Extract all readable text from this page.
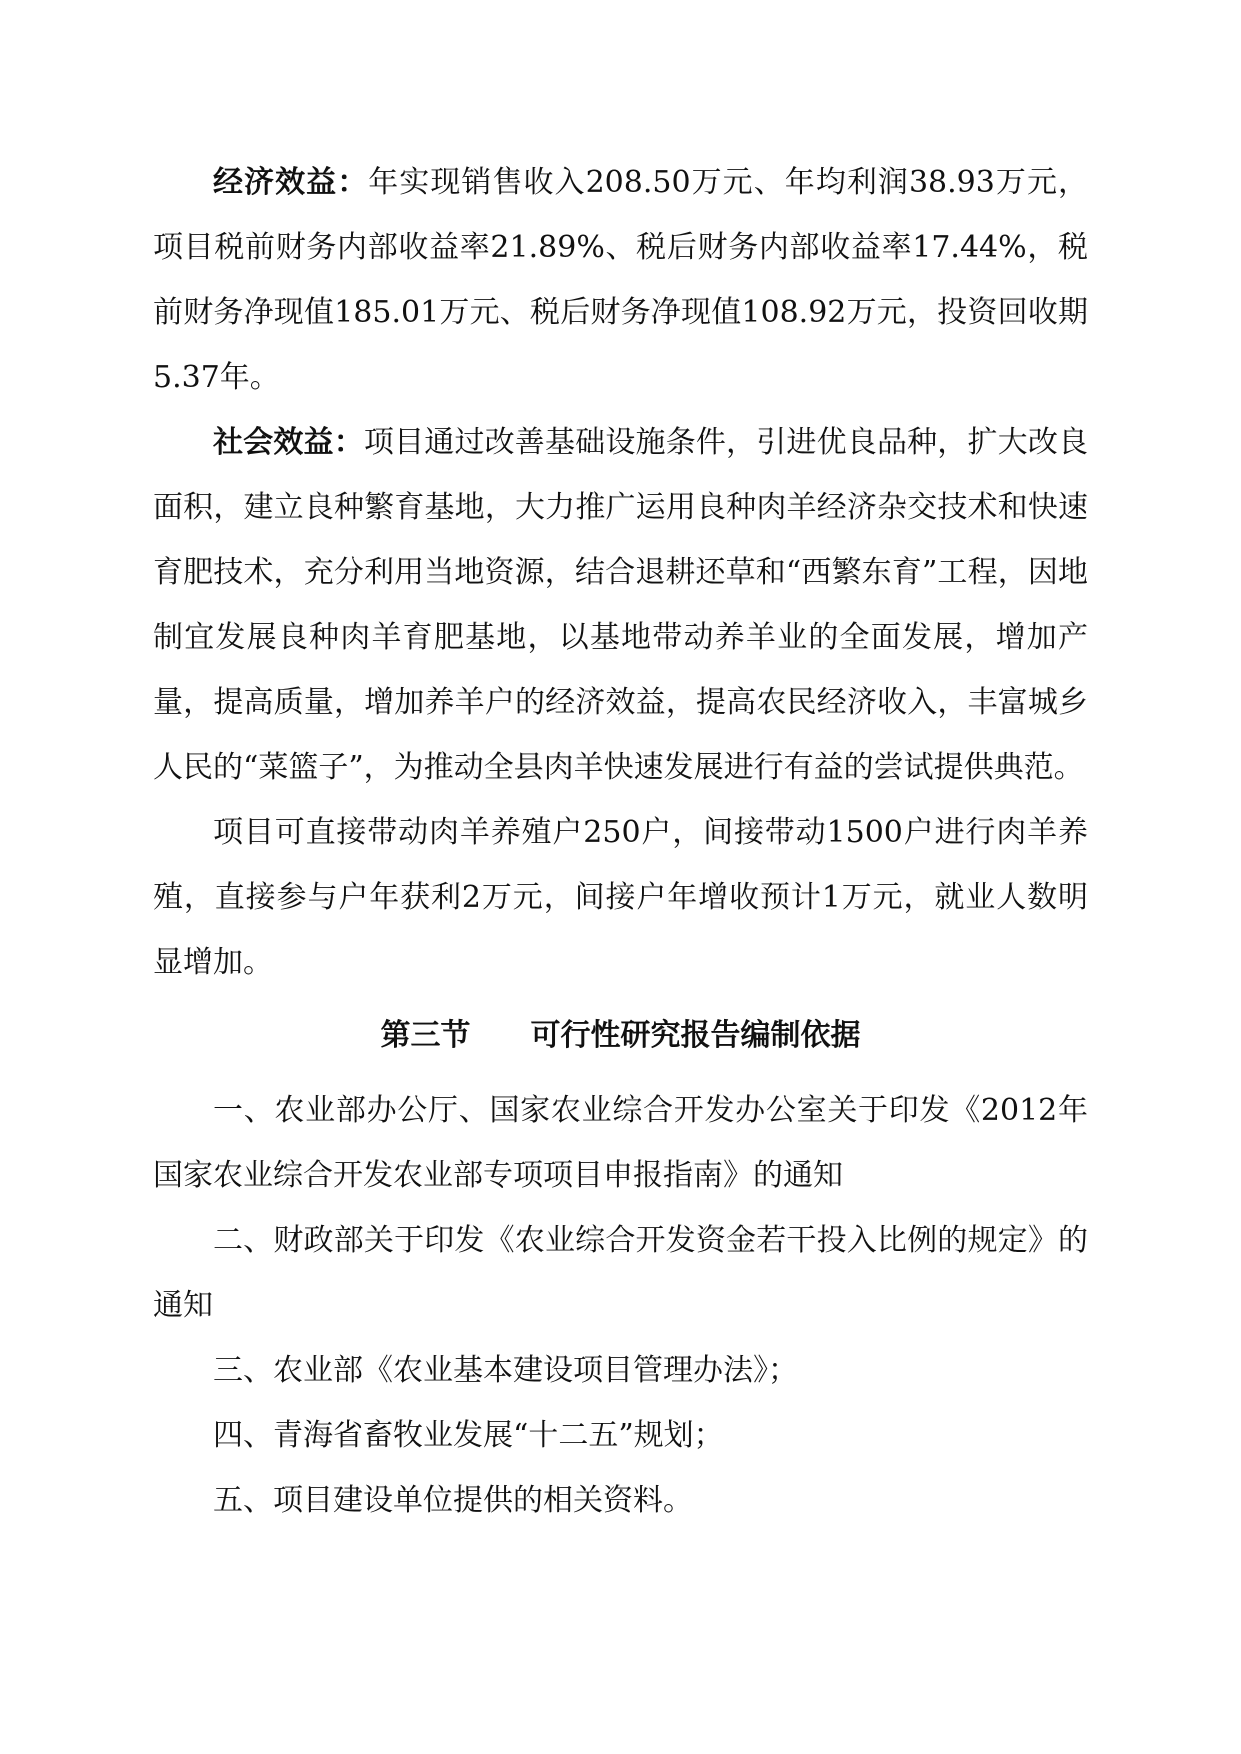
经济效益：年实现销售收入208.50万元、年均利润38.93万元，项目税前财务内部收益率21.89%、税后财务内部收益率17.44%，税前财务净现值185.01万元、税后财务净现值108.92万元，投资回收期5.37年。

社会效益：项目通过改善基础设施条件，引进优良品种，扩大改良面积，建立良种繁育基地，大力推广运用良种肉羊经济杂交技术和快速育肥技术，充分利用当地资源，结合退耕还草和“西繁东育”工程，因地制宜发展良种肉羊育肥基地，以基地带动养羊业的全面发展，增加产量，提高质量，增加养羊户的经济效益，提高农民经济收入，丰富城乡人民的“菜篮子”，为推动全县肉羊快速发展进行有益的尝试提供典范。

项目可直接带动肉羊养殖户250户，间接带动1500户进行肉羊养殖，直接参与户年获利2万元，间接户年增收预计1万元，就业人数明显增加。

第三节 可行性研究报告编制依据

一、农业部办公厅、国家农业综合开发办公室关于印发《2012年国家农业综合开发农业部专项项目申报指南》的通知

二、财政部关于印发《农业综合开发资金若干投入比例的规定》的通知

三、农业部《农业基本建设项目管理办法》；

四、青海省畜牧业发展“十二五”规划；

五、项目建设单位提供的相关资料。
